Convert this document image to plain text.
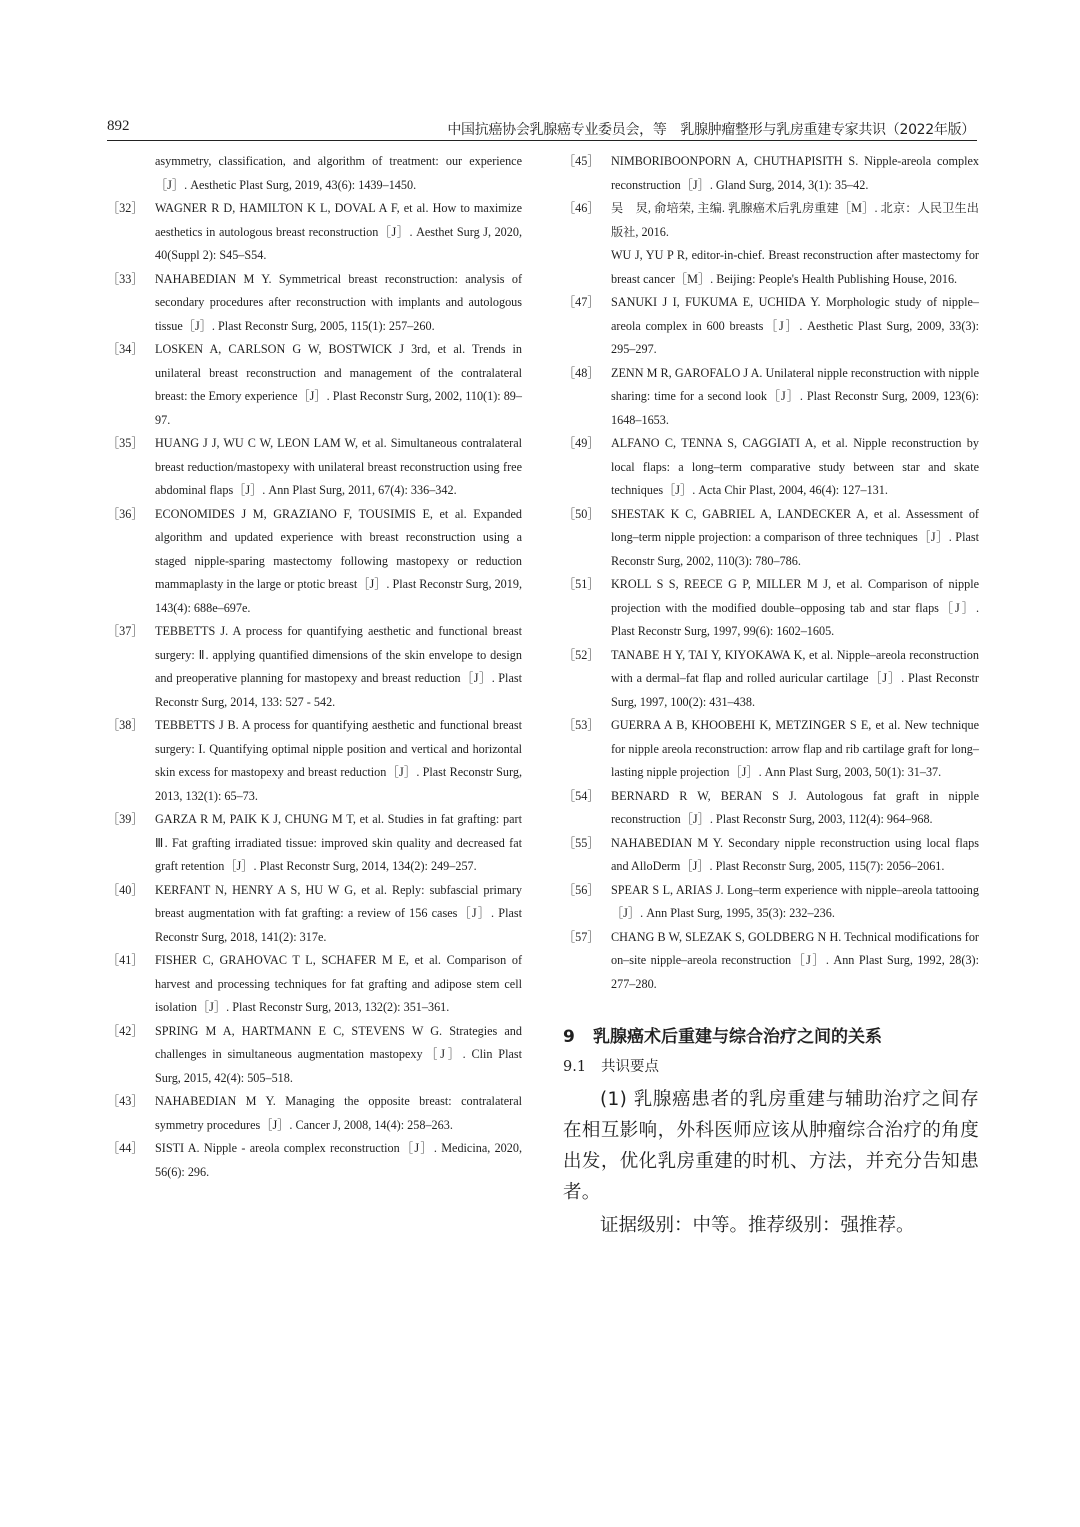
892	中国抗癌协会乳腺癌专业委员会，等　乳腺肿瘤整形与乳房重建专家共识（2022年版）
asymmetry, classification, and algorithm of treatment: our experience［J］. Aesthetic Plast Surg, 2019, 43(6): 1439–1450.
［32］ WAGNER R D, HAMILTON K L, DOVAL A F, et al. How to maximize aesthetics in autologous breast reconstruction［J］. Aesthet Surg J, 2020, 40(Suppl 2): S45–S54.
［33］ NAHABEDIAN M Y. Symmetrical breast reconstruction: analysis of secondary procedures after reconstruction with implants and autologous tissue［J］. Plast Reconstr Surg, 2005, 115(1): 257–260.
［34］ LOSKEN A, CARLSON G W, BOSTWICK J 3rd, et al. Trends in unilateral breast reconstruction and management of the contralateral breast: the Emory experience［J］. Plast Reconstr Surg, 2002, 110(1): 89–97.
［35］ HUANG J J, WU C W, LEON LAM W, et al. Simultaneous contralateral breast reduction/mastopexy with unilateral breast reconstruction using free abdominal flaps［J］. Ann Plast Surg, 2011, 67(4): 336–342.
［36］ ECONOMIDES J M, GRAZIANO F, TOUSIMIS E, et al. Expanded algorithm and updated experience with breast reconstruction using a staged nipple-sparing mastectomy following mastopexy or reduction mammaplasty in the large or ptotic breast［J］. Plast Reconstr Surg, 2019, 143(4): 688e–697e.
［37］ TEBBETTS J. A process for quantifying aesthetic and functional breast surgery: Ⅱ. applying quantified dimensions of the skin envelope to design and preoperative planning for mastopexy and breast reduction［J］. Plast Reconstr Surg, 2014, 133: 527 - 542.
［38］ TEBBETTS J B. A process for quantifying aesthetic and functional breast surgery: I. Quantifying optimal nipple position and vertical and horizontal skin excess for mastopexy and breast reduction［J］. Plast Reconstr Surg, 2013, 132(1): 65–73.
［39］ GARZA R M, PAIK K J, CHUNG M T, et al. Studies in fat grafting: part Ⅲ. Fat grafting irradiated tissue: improved skin quality and decreased fat graft retention［J］. Plast Reconstr Surg, 2014, 134(2): 249–257.
［40］ KERFANT N, HENRY A S, HU W G, et al. Reply: subfascial primary breast augmentation with fat grafting: a review of 156 cases［J］. Plast Reconstr Surg, 2018, 141(2): 317e.
［41］ FISHER C, GRAHOVAC T L, SCHAFER M E, et al. Comparison of harvest and processing techniques for fat grafting and adipose stem cell isolation［J］. Plast Reconstr Surg, 2013, 132(2): 351–361.
［42］ SPRING M A, HARTMANN E C, STEVENS W G. Strategies and challenges in simultaneous augmentation mastopexy［J］. Clin Plast Surg, 2015, 42(4): 505–518.
［43］ NAHABEDIAN M Y. Managing the opposite breast: contralateral symmetry procedures［J］. Cancer J, 2008, 14(4): 258–263.
［44］ SISTI A. Nipple - areola complex reconstruction［J］. Medicina, 2020, 56(6): 296.
［45］ NIMBORIBOONPORN A, CHUTHAPISITH S. Nipple-areola complex reconstruction［J］. Gland Surg, 2014, 3(1): 35–42.
［46］ 吴　炅, 俞培荣, 主编. 乳腺癌术后乳房重建［M］. 北京：人民卫生出版社, 2016.
WU J, YU P R, editor-in-chief. Breast reconstruction after mastectomy for breast cancer［M］. Beijing: People's Health Publishing House, 2016.
［47］ SANUKI J I, FUKUMA E, UCHIDA Y. Morphologic study of nipple–areola complex in 600 breasts［J］. Aesthetic Plast Surg, 2009, 33(3): 295–297.
［48］ ZENN M R, GAROFALO J A. Unilateral nipple reconstruction with nipple sharing: time for a second look［J］. Plast Reconstr Surg, 2009, 123(6): 1648–1653.
［49］ ALFANO C, TENNA S, CAGGIATI A, et al. Nipple reconstruction by local flaps: a long–term comparative study between star and skate techniques［J］. Acta Chir Plast, 2004, 46(4): 127–131.
［50］ SHESTAK K C, GABRIEL A, LANDECKER A, et al. Assessment of long–term nipple projection: a comparison of three techniques［J］. Plast Reconstr Surg, 2002, 110(3): 780–786.
［51］ KROLL S S, REECE G P, MILLER M J, et al. Comparison of nipple projection with the modified double–opposing tab and star flaps［J］. Plast Reconstr Surg, 1997, 99(6): 1602–1605.
［52］ TANABE H Y, TAI Y, KIYOKAWA K, et al. Nipple–areola reconstruction with a dermal–fat flap and rolled auricular cartilage［J］. Plast Reconstr Surg, 1997, 100(2): 431–438.
［53］ GUERRA A B, KHOOBEHI K, METZINGER S E, et al. New technique for nipple areola reconstruction: arrow flap and rib cartilage graft for long–lasting nipple projection［J］. Ann Plast Surg, 2003, 50(1): 31–37.
［54］ BERNARD R W, BERAN S J. Autologous fat graft in nipple reconstruction［J］. Plast Reconstr Surg, 2003, 112(4): 964–968.
［55］ NAHABEDIAN M Y. Secondary nipple reconstruction using local flaps and AlloDerm［J］. Plast Reconstr Surg, 2005, 115(7): 2056–2061.
［56］ SPEAR S L, ARIAS J. Long–term experience with nipple–areola tattooing［J］. Ann Plast Surg, 1995, 35(3): 232–236.
［57］ CHANG B W, SLEZAK S, GOLDBERG N H. Technical modifications for on–site nipple–areola reconstruction［J］. Ann Plast Surg, 1992, 28(3): 277–280.
9 乳腺癌术后重建与综合治疗之间的关系
9.1 共识要点
(1) 乳腺癌患者的乳房重建与辅助治疗之间存在相互影响，外科医师应该从肿瘤综合治疗的角度出发，优化乳房重建的时机、方法，并充分告知患者。
证据级别：中等。推荐级别：强推荐。
